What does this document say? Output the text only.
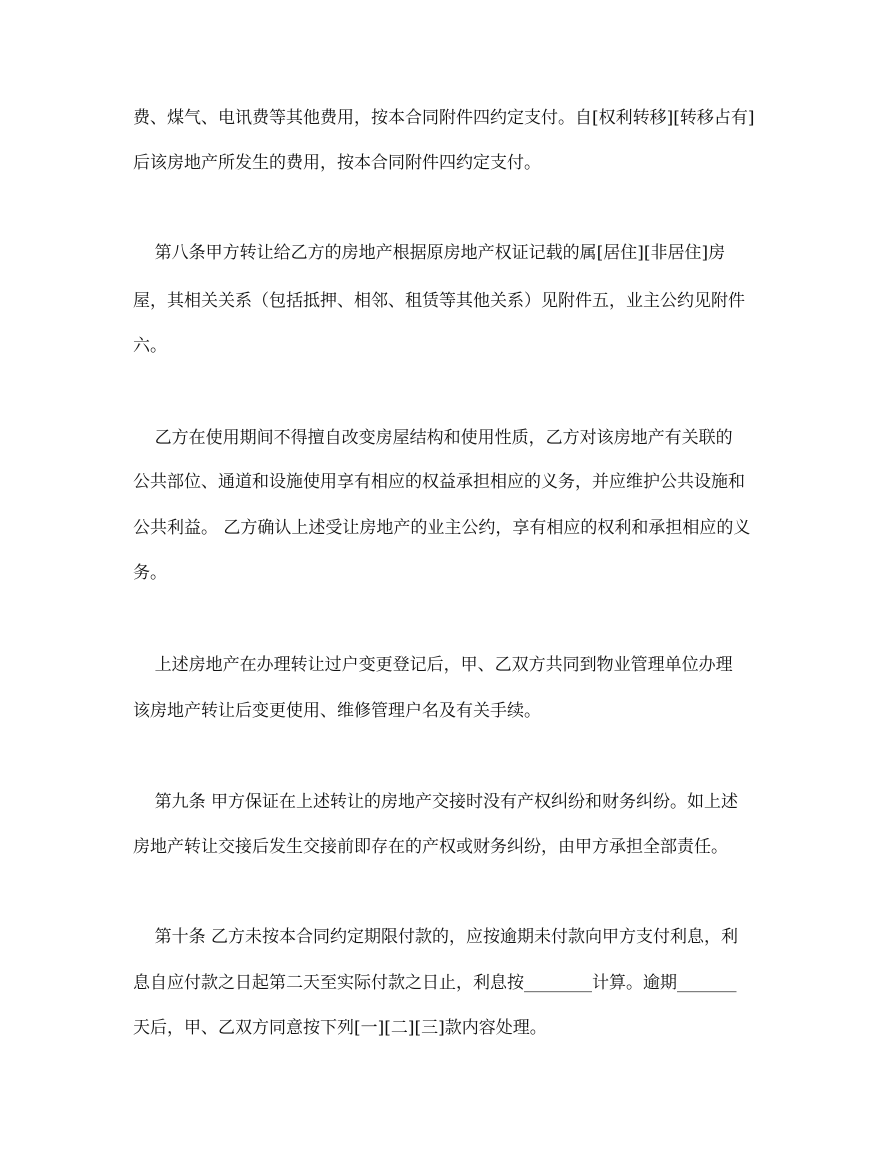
费、煤气、电讯费等其他费用，按本合同附件四约定支付。自[权利转移][转移占有]
后该房地产所发生的费用，按本合同附件四约定支付。
第八条甲方转让给乙方的房地产根据原房地产权证记载的属[居住][非居住]房
屋，其相关关系（包括抵押、相邻、租赁等其他关系）见附件五，业主公约见附件
六。
乙方在使用期间不得擅自改变房屋结构和使用性质，乙方对该房地产有关联的
公共部位、通道和设施使用享有相应的权益承担相应的义务，并应维护公共设施和
公共利益。 乙方确认上述受让房地产的业主公约，享有相应的权利和承担相应的义
务。
上述房地产在办理转让过户变更登记后，甲、乙双方共同到物业管理单位办理
该房地产转让后变更使用、维修管理户名及有关手续。
第九条 甲方保证在上述转让的房地产交接时没有产权纠纷和财务纠纷。如上述
房地产转让交接后发生交接前即存在的产权或财务纠纷，由甲方承担全部责任。
第十条 乙方未按本合同约定期限付款的，应按逾期未付款向甲方支付利息，利
息自应付款之日起第二天至实际付款之日止，利息按________计算。逾期_______
天后，甲、乙双方同意按下列[一][二][三]款内容处理。
